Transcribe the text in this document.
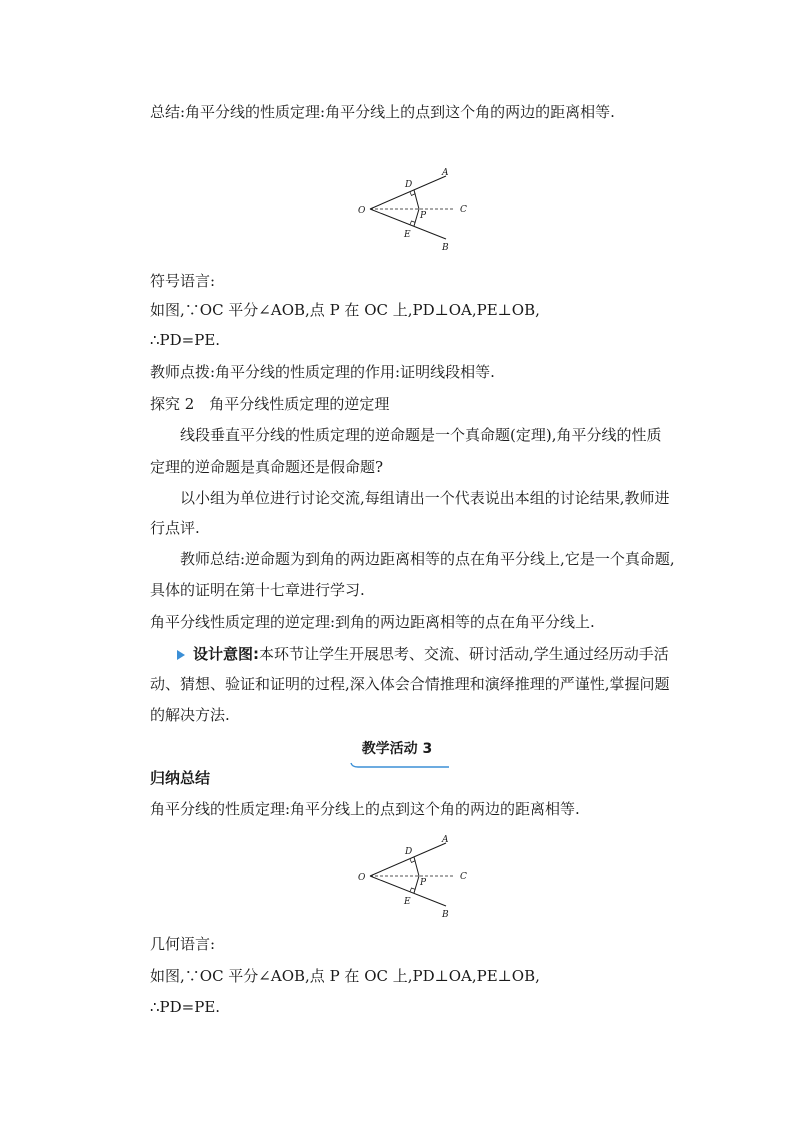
总结:角平分线的性质定理:角平分线上的点到这个角的两边的距离相等.
O
A
C
B
D
E
P
符号语言:
如图,∵OC 平分∠AOB,点 P 在 OC 上,PD⊥OA,PE⊥OB,
∴PD=PE.
教师点拨:角平分线的性质定理的作用:证明线段相等.
探究 2　角平分线性质定理的逆定理
线段垂直平分线的性质定理的逆命题是一个真命题(定理),角平分线的性质
定理的逆命题是真命题还是假命题?
以小组为单位进行讨论交流,每组请出一个代表说出本组的讨论结果,教师进
行点评.
教师总结:逆命题为到角的两边距离相等的点在角平分线上,它是一个真命题,
具体的证明在第十七章进行学习.
角平分线性质定理的逆定理:到角的两边距离相等的点在角平分线上.
设计意图:本环节让学生开展思考、交流、研讨活动,学生通过经历动手活
动、猜想、验证和证明的过程,深入体会合情推理和演绎推理的严谨性,掌握问题
的解决方法.
教学活动 3
归纳总结
角平分线的性质定理:角平分线上的点到这个角的两边的距离相等.
O
A
C
B
D
E
P
几何语言:
如图,∵OC 平分∠AOB,点 P 在 OC 上,PD⊥OA,PE⊥OB,
∴PD=PE.
